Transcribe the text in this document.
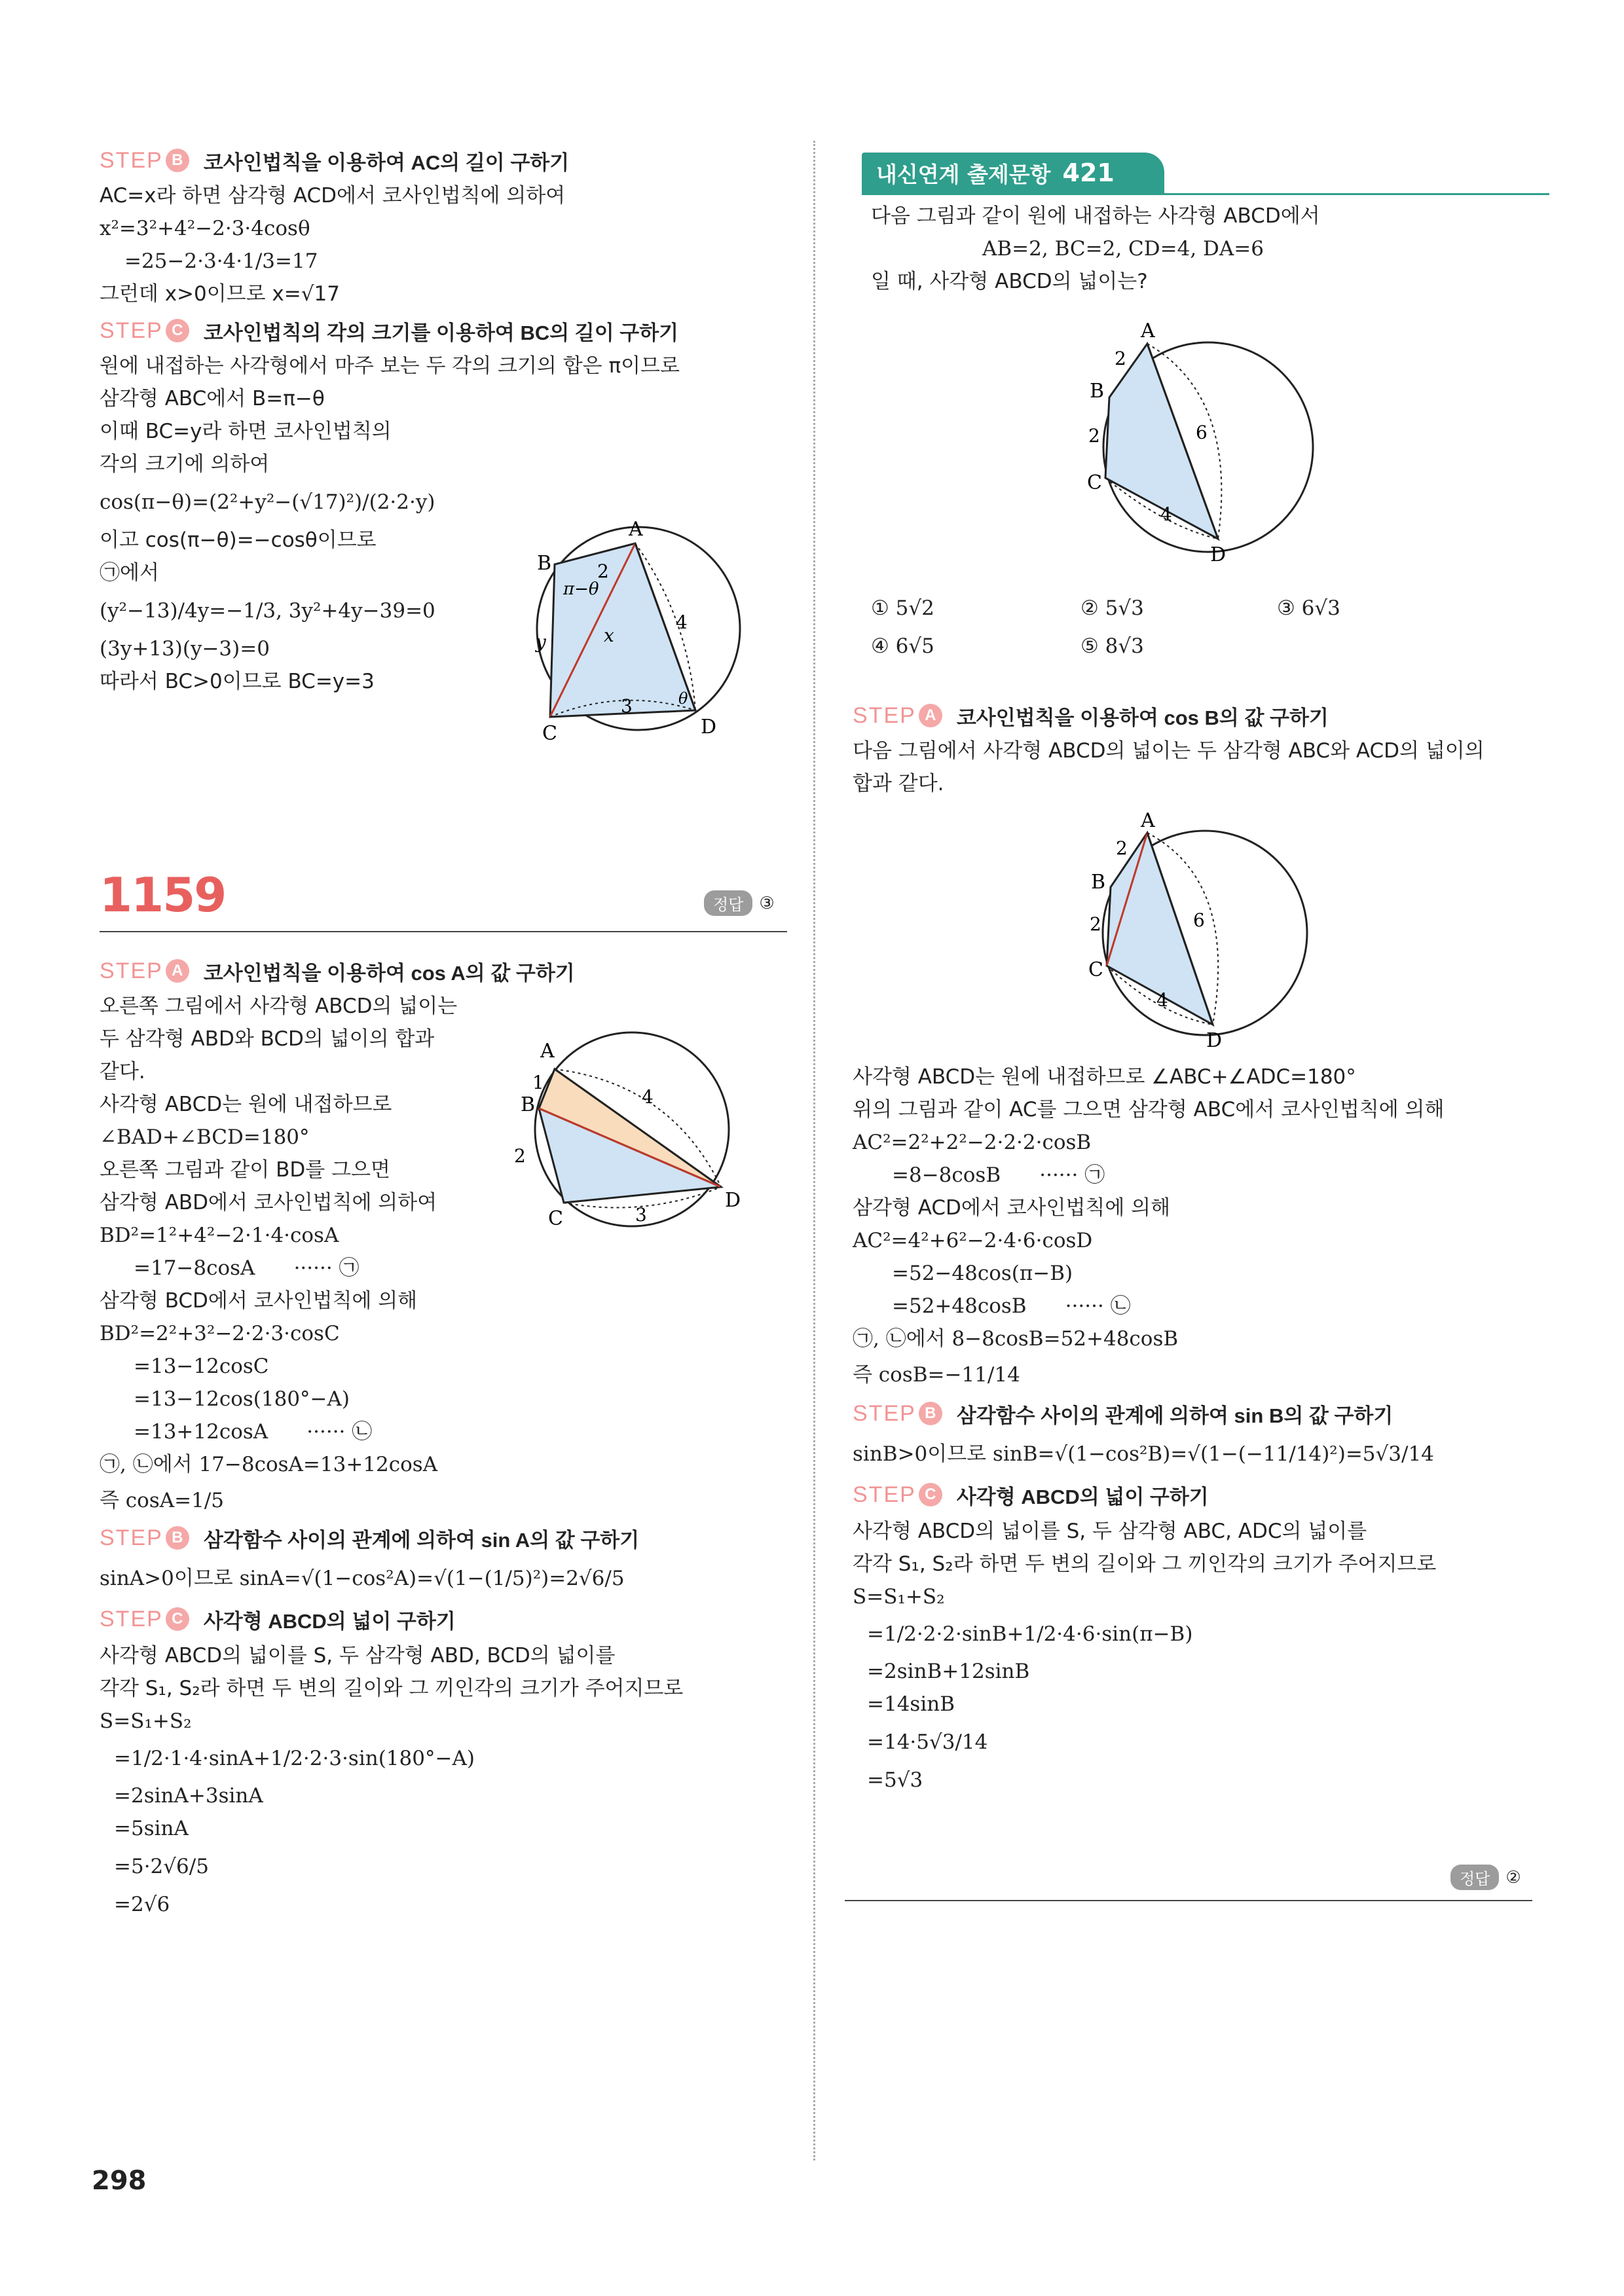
STEP B	코사인법칙을 이용하여 AC의 길이 구하기
AC=x라 하면 삼각형 ACD에서 코사인법칙에 의하여
x²=3²+4²−2·3·4cosθ
=25−2·3·4·1/3=17
그런데 x>0이므로 x=√17
STEP C	코사인법칙의 각의 크기를 이용하여 BC의 길이 구하기
원에 내접하는 사각형에서 마주 보는 두 각의 크기의 합은 π이므로
삼각형 ABC에서 B=π−θ
이때 BC=y라 하면 코사인법칙의
각의 크기에 의하여
cos(π−θ)=(2²+y²−(√17)²)/(2·2·y)
이고 cos(π−θ)=−cosθ이므로
㉠에서
(y²−13)/4y=−1/3, 3y²+4y−39=0
(3y+13)(y−3)=0
따라서 BC>0이므로 BC=y=3
A
B
C	D
2
y
3
4
x
π−θ
θ
1159	정답 ③
STEP A	코사인법칙을 이용하여 cos A의 값 구하기
오른쪽 그림에서 사각형 ABCD의 넓이는
두 삼각형 ABD와 BCD의 넓이의 합과
같다.
사각형 ABCD는 원에 내접하므로
∠BAD+∠BCD=180°
오른쪽 그림과 같이 BD를 그으면
삼각형 ABD에서 코사인법칙에 의하여
BD²=1²+4²−2·1·4·cosA
=17−8cosA      ······ ㉠
삼각형 BCD에서 코사인법칙에 의해
BD²=2²+3²−2·2·3·cosC
=13−12cosC
=13−12cos(180°−A)
=13+12cosA      ······ ㉡
㉠, ㉡에서 17−8cosA=13+12cosA
즉 cosA=1/5
STEP B	삼각함수 사이의 관계에 의하여 sin A의 값 구하기
sinA>0이므로 sinA=√(1−cos²A)=√(1−(1/5)²)=2√6/5
STEP C	사각형 ABCD의 넓이 구하기
사각형 ABCD의 넓이를 S, 두 삼각형 ABD, BCD의 넓이를
각각 S₁, S₂라 하면 두 변의 길이와 그 끼인각의 크기가 주어지므로
S=S₁+S₂
=1/2·1·4·sinA+1/2·2·3·sin(180°−A)
=2sinA+3sinA
=5sinA
=5·2√6/5
=2√6
A
B
C
D
1
2
3
4
내신연계 출제문항 421
다음 그림과 같이 원에 내접하는 사각형 ABCD에서
AB=2, BC=2, CD=4, DA=6
일 때, 사각형 ABCD의 넓이는?
A
B
C
D
2
2
4
6
① 5√2	② 5√3	③ 6√3
④ 6√5	⑤ 8√3
STEP A	코사인법칙을 이용하여 cos B의 값 구하기
다음 그림에서 사각형 ABCD의 넓이는 두 삼각형 ABC와 ACD의 넓이의
합과 같다.
A
B
C
D
2
2
4
6
사각형 ABCD는 원에 내접하므로 ∠ABC+∠ADC=180°
위의 그림과 같이 AC를 그으면 삼각형 ABC에서 코사인법칙에 의해
AC²=2²+2²−2·2·2·cosB
=8−8cosB      ······ ㉠
삼각형 ACD에서 코사인법칙에 의해
AC²=4²+6²−2·4·6·cosD
=52−48cos(π−B)
=52+48cosB      ······ ㉡
㉠, ㉡에서 8−8cosB=52+48cosB
즉 cosB=−11/14
STEP B	삼각함수 사이의 관계에 의하여 sin B의 값 구하기
sinB>0이므로 sinB=√(1−cos²B)=√(1−(−11/14)²)=5√3/14
STEP C	사각형 ABCD의 넓이 구하기
사각형 ABCD의 넓이를 S, 두 삼각형 ABC, ADC의 넓이를
각각 S₁, S₂라 하면 두 변의 길이와 그 끼인각의 크기가 주어지므로
S=S₁+S₂
=1/2·2·2·sinB+1/2·4·6·sin(π−B)
=2sinB+12sinB
=14sinB
=14·5√3/14
=5√3
정답 ②
298
